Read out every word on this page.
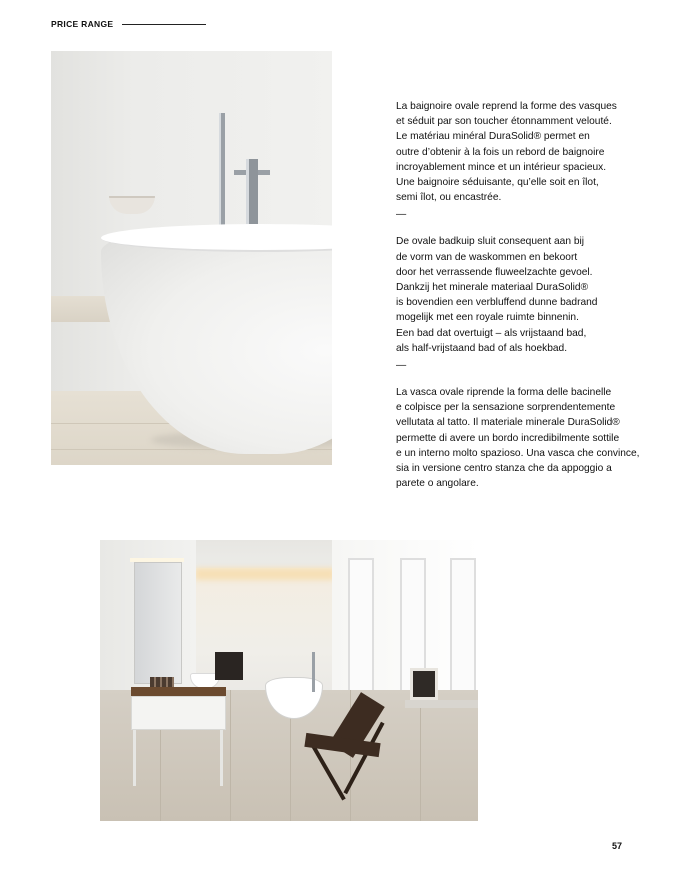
PRICE RANGE

La baignoire ovale reprend la forme des vasques
et séduit par son toucher étonnamment velouté.
Le matériau minéral DuraSolid® permet en
outre d’obtenir à la fois un rebord de baignoire
incroyablement mince et un intérieur spacieux.
Une baignoire séduisante, qu’elle soit en îlot,
semi îlot, ou encastrée.

—

De ovale badkuip sluit consequent aan bij
de vorm van de waskommen en bekoort
door het verrassende fluweelzachte gevoel.
Dankzij het minerale materiaal DuraSolid®
is bovendien een verbluffend dunne badrand
mogelijk met een royale ruimte binnenin.
Een bad dat overtuigt – als vrijstaand bad,
als half-vrijstaand bad of als hoekbad.

—

La vasca ovale riprende la forma delle bacinelle
e colpisce per la sensazione sorprendentemente
vellutata al tatto. Il materiale minerale DuraSolid®
permette di avere un bordo incredibilmente sottile
e un interno molto spazioso. Una vasca che convince,
sia in versione centro stanza che da appoggio a
parete o angolare.

57
